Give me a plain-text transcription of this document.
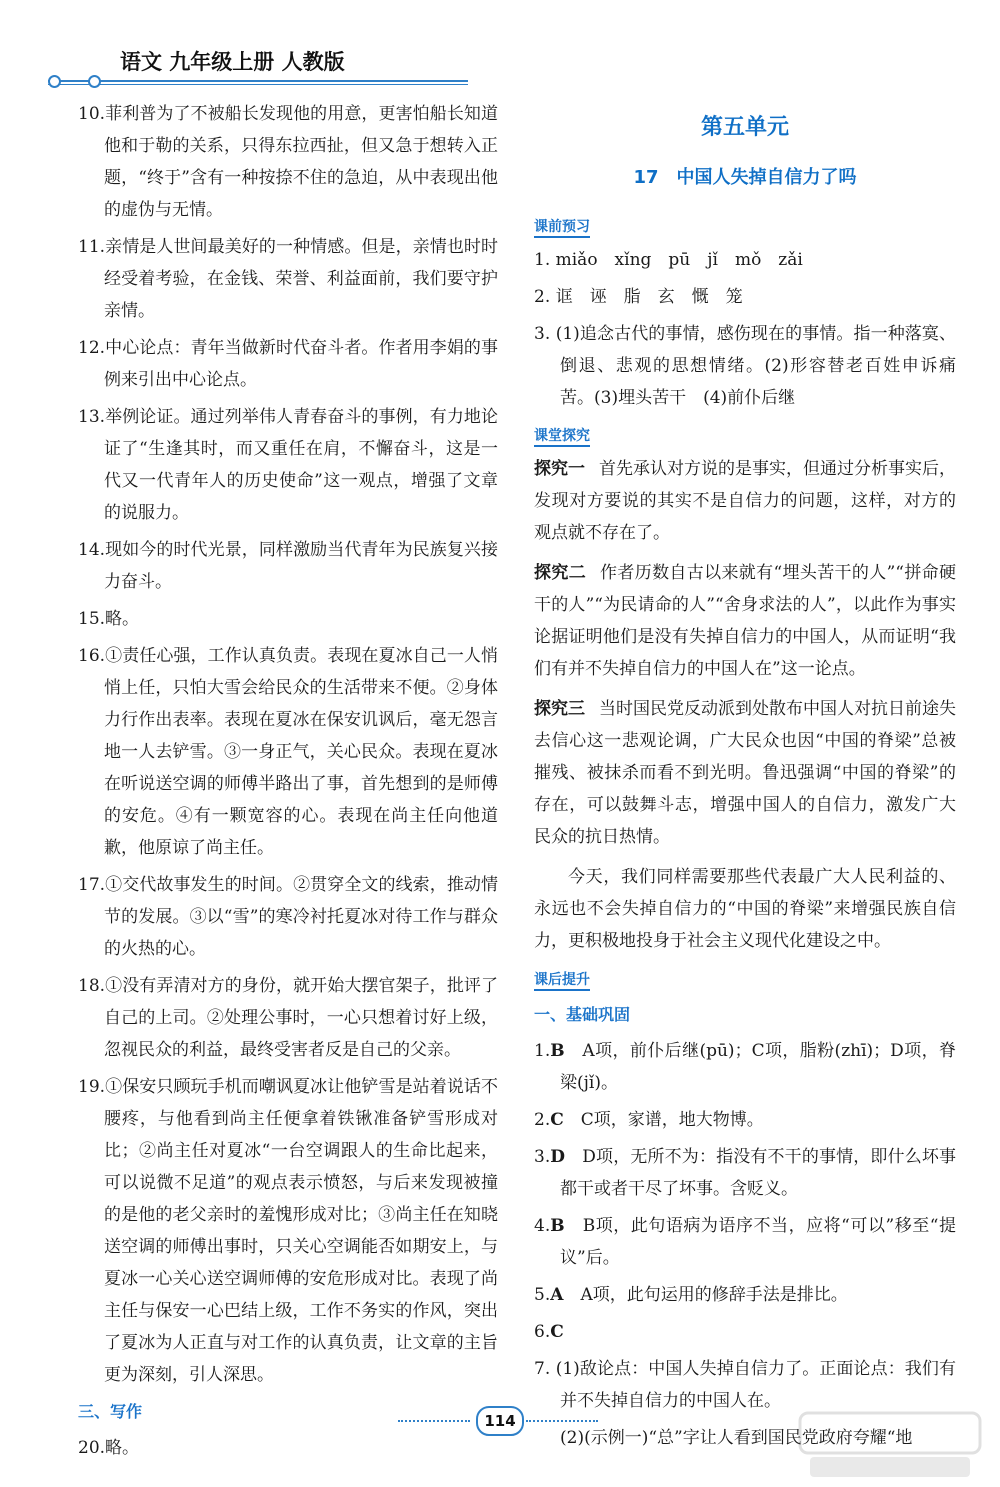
语文 九年级上册 人教版
10.菲利普为了不被船长发现他的用意，更害怕船长知道他和于勒的关系，只得东拉西扯，但又急于想转入正题，“终于”含有一种按捺不住的急迫，从中表现出他的虚伪与无情。
11.亲情是人世间最美好的一种情感。但是，亲情也时时经受着考验，在金钱、荣誉、利益面前，我们要守护亲情。
12.中心论点：青年当做新时代奋斗者。作者用李娟的事例来引出中心论点。
13.举例论证。通过列举伟人青春奋斗的事例，有力地论证了“生逢其时，而又重任在肩，不懈奋斗，这是一代又一代青年人的历史使命”这一观点，增强了文章的说服力。
14.现如今的时代光景，同样激励当代青年为民族复兴接力奋斗。
15.略。
16.①责任心强，工作认真负责。表现在夏冰自己一人悄悄上任，只怕大雪会给民众的生活带来不便。②身体力行作出表率。表现在夏冰在保安讥讽后，毫无怨言地一人去铲雪。③一身正气，关心民众。表现在夏冰在听说送空调的师傅半路出了事，首先想到的是师傅的安危。④有一颗宽容的心。表现在尚主任向他道歉，他原谅了尚主任。
17.①交代故事发生的时间。②贯穿全文的线索，推动情节的发展。③以“雪”的寒冷衬托夏冰对待工作与群众的火热的心。
18.①没有弄清对方的身份，就开始大摆官架子，批评了自己的上司。②处理公事时，一心只想着讨好上级，忽视民众的利益，最终受害者反是自己的父亲。
19.①保安只顾玩手机而嘲讽夏冰让他铲雪是站着说话不腰疼，与他看到尚主任便拿着铁锹准备铲雪形成对比；②尚主任对夏冰“一台空调跟人的生命比起来，可以说微不足道”的观点表示愤怒，与后来发现被撞的是他的老父亲时的羞愧形成对比；③尚主任在知晓送空调的师傅出事时，只关心空调能否如期安上，与夏冰一心关心送空调师傅的安危形成对比。表现了尚主任与保安一心巴结上级，工作不务实的作风，突出了夏冰为人正直与对工作的认真负责，让文章的主旨更为深刻，引人深思。
三、写作
20.略。
第五单元
17　中国人失掉自信力了吗
课前预习
1. miǎo　xǐng　pū　jǐ　mǒ　zǎi
2. 诓　诬　脂　玄　慨　笼
3. (1)追念古代的事情，感伤现在的事情。指一种落寞、倒退、悲观的思想情绪。(2)形容替老百姓申诉痛苦。(3)埋头苦干　(4)前仆后继
课堂探究
探究一 首先承认对方说的是事实，但通过分析事实后，发现对方要说的其实不是自信力的问题，这样，对方的观点就不存在了。
探究二 作者历数自古以来就有“埋头苦干的人”“拼命硬干的人”“为民请命的人”“舍身求法的人”，以此作为事实论据证明他们是没有失掉自信力的中国人，从而证明“我们有并不失掉自信力的中国人在”这一论点。
探究三 当时国民党反动派到处散布中国人对抗日前途失去信心这一悲观论调，广大民众也因“中国的脊梁”总被摧残、被抹杀而看不到光明。鲁迅强调“中国的脊梁”的存在，可以鼓舞斗志，增强中国人的自信力，激发广大民众的抗日热情。
今天，我们同样需要那些代表最广大人民利益的、永远也不会失掉自信力的“中国的脊梁”来增强民族自信力，更积极地投身于社会主义现代化建设之中。
课后提升
一、基础巩固
1.B　 A项，前仆后继(pū)；C项，脂粉(zhī)；D项，脊梁(jǐ)。
2.C　 C项，家谱，地大物博。
3.D　 D项，无所不为：指没有不干的事情，即什么坏事都干或者干尽了坏事。含贬义。
4.B　 B项，此句语病为语序不当，应将“可以”移至“提议”后。
5.A　 A项，此句运用的修辞手法是排比。
6.C
7. (1)敌论点：中国人失掉自信力了。正面论点：我们有并不失掉自信力的中国人在。
(2)(示例一)“总”字让人看到国民党政府夸耀“地
114
